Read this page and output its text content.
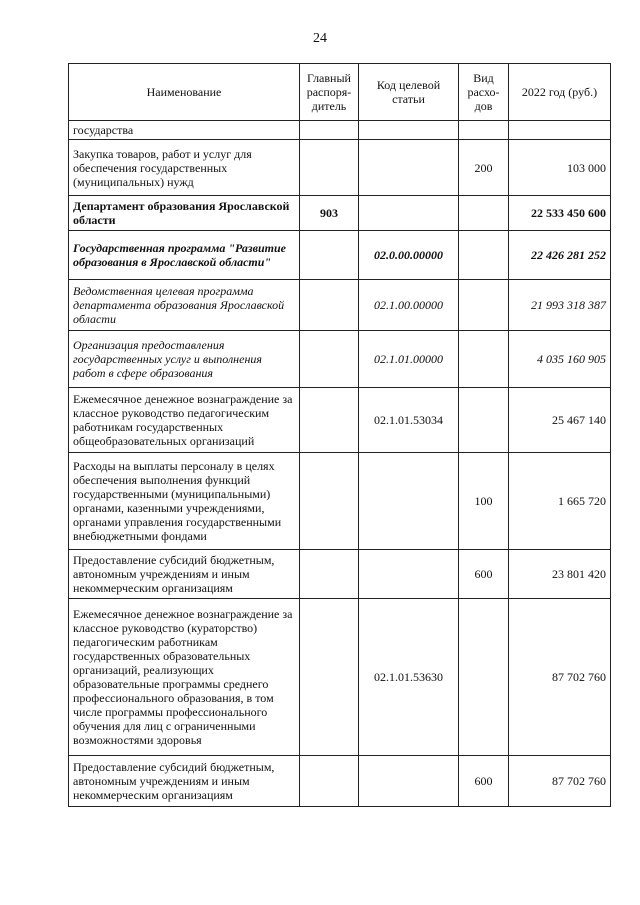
24
Наименование	Главный распоря-дитель	Код целевой статьи	Вид расхо-дов	2022 год (руб.)
государства				
Закупка товаров, работ и услуг для обеспечения государственных (муниципальных) нужд			200	103 000
Департамент образования Ярославской области	903			22 533 450 600
Государственная программа "Развитие образования в Ярославской области"		02.0.00.00000		22 426 281 252
Ведомственная целевая программа департамента образования Ярославской области		02.1.00.00000		21 993 318 387
Организация предоставления государственных услуг и выполнения работ в сфере образования		02.1.01.00000		4 035 160 905
Ежемесячное денежное вознаграждение за классное руководство педагогическим работникам государственных общеобразовательных организаций		02.1.01.53034		25 467 140
Расходы на выплаты персоналу в целях обеспечения выполнения функций государственными (муниципальными) органами, казенными учреждениями, органами управления государственными внебюджетными фондами			100	1 665 720
Предоставление субсидий бюджетным, автономным учреждениям и иным некоммерческим организациям			600	23 801 420
Ежемесячное денежное вознаграждение за классное руководство (кураторство) педагогическим работникам государственных образовательных организаций, реализующих образовательные программы среднего профессионального образования, в том числе программы профессионального обучения для лиц с ограниченными возможностями здоровья		02.1.01.53630		87 702 760
Предоставление субсидий бюджетным, автономным учреждениям и иным некоммерческим организациям			600	87 702 760
